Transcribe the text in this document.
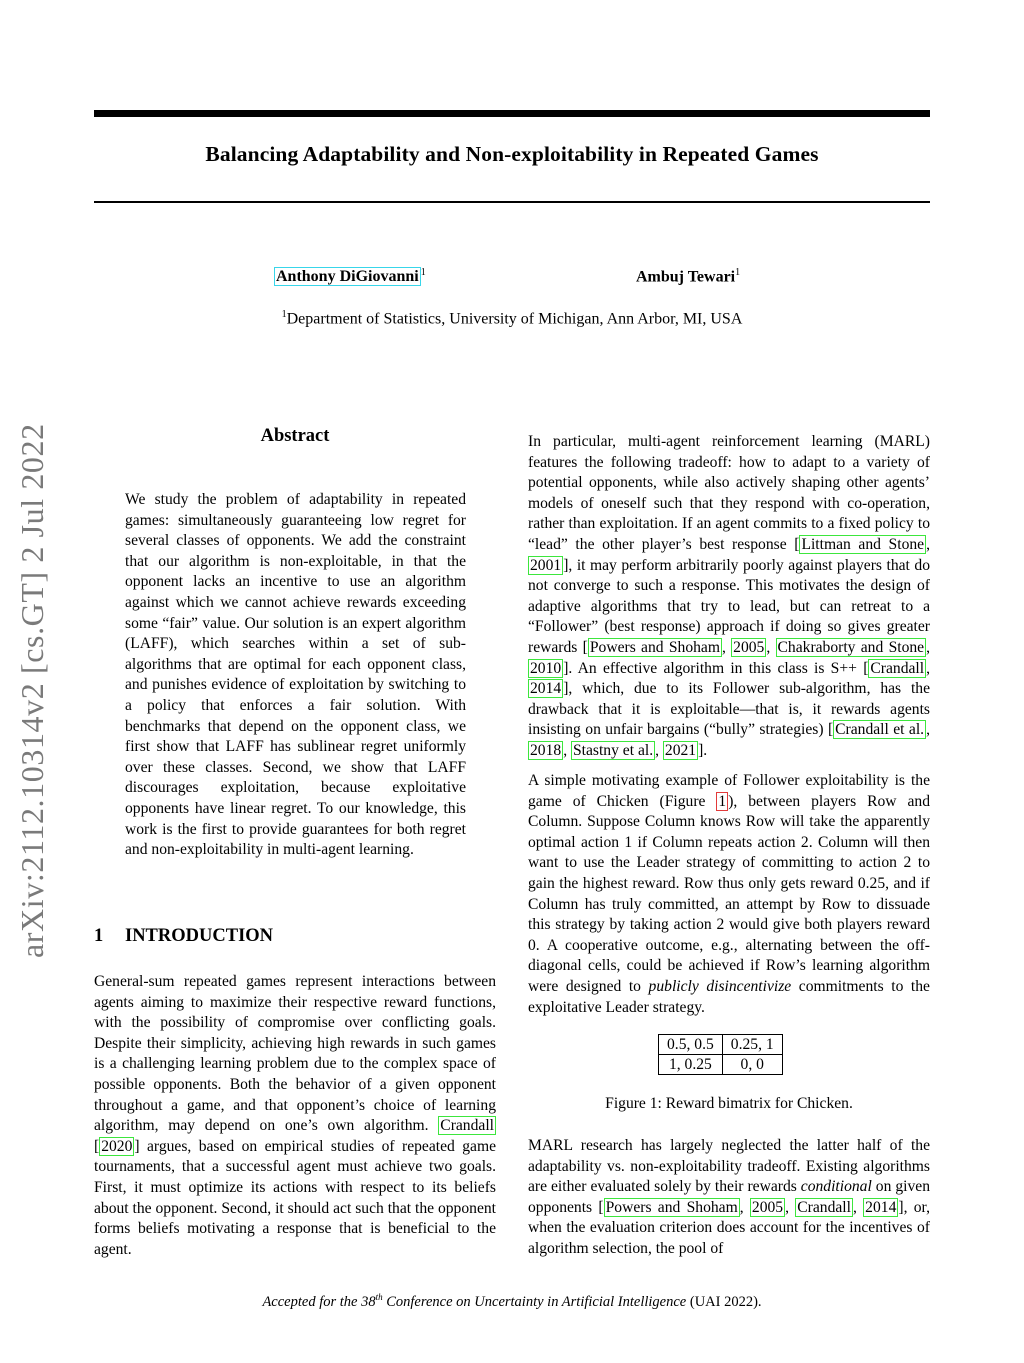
Balancing Adaptability and Non-exploitability in Repeated Games
Anthony DiGiovanni $^1$	Ambuj Tewari$^1$
$^1$Department of Statistics, University of Michigan, Ann Arbor, MI, USA
arXiv:2112.10314v2 [cs.GT] 2 Jul 2022	Abstract

We study the problem of adaptability in repeated games: simultaneously guaranteeing low regret for several classes of opponents. We add the constraint that our algorithm is non-exploitable, in that the opponent lacks an incentive to use an algorithm against which we cannot achieve rewards exceeding some “fair” value. Our solution is an expert algorithm (LAFF), which searches within a set of sub-algorithms that are optimal for each opponent class, and punishes evidence of exploitation by switching to a policy that enforces a fair solution. With benchmarks that depend on the opponent class, we first show that LAFF has sublinear regret uniformly over these classes. Second, we show that LAFF discourages exploitation, because exploitative opponents have linear regret. To our knowledge, this work is the first to provide guarantees for both regret and non-exploitability in multi-agent learning.

1 INTRODUCTION

General-sum repeated games represent interactions between agents aiming to maximize their respective reward functions, with the possibility of compromise over conflicting goals. Despite their simplicity, achieving high rewards in such games is a challenging learning problem due to the complex space of possible opponents. Both the behavior of a given opponent throughout a game, and that opponent’s choice of learning algorithm, may depend on one’s own algorithm. Crandall [ 2020 ] argues, based on empirical studies of repeated game tournaments, that a successful agent must achieve two goals. First, it must optimize its actions with respect to its beliefs about the opponent. Second, it should act such that the opponent forms beliefs motivating a response that is beneficial to the agent.

In particular, multi-agent reinforcement learning (MARL) features the following tradeoff: how to adapt to a variety of potential opponents, while also actively shaping other agents’ models of oneself such that they respond with co-operation, rather than exploitation. If an agent commits to a fixed policy to “lead” the other player’s best response [ Littman and Stone , 2001 ], it may perform arbitrarily poorly against players that do not converge to such a response. This motivates the design of adaptive algorithms that try to lead, but can retreat to a “Follower” (best response) approach if doing so gives greater rewards [ Powers and Shoham , 2005 , Chakraborty and Stone , 2010 ]. An effective algorithm in this class is S++ [ Crandall , 2014 ], which, due to its Follower sub-algorithm, has the drawback that it is exploitable—that is, it rewards agents insisting on unfair bargains (“bully” strategies) [ Crandall et al. , 2018 , Stastny et al. , 2021 ].

A simple motivating example of Follower exploitability is the game of Chicken (Figure 1 ), between players Row and Column. Suppose Column knows Row will take the apparently optimal action 1 if Column repeats action 2. Column will then want to use the Leader strategy of committing to action 2 to gain the highest reward. Row thus only gets reward 0.25, and if Column has truly committed, an attempt by Row to dissuade this strategy by taking action 2 would give both players reward 0. A cooperative outcome, e.g., alternating between the off-diagonal cells, could be achieved if Row’s learning algorithm were designed to publicly disincentivize commitments to the exploitative Leader strategy.

0.5, 0.5	0.25, 1
1, 0.25	0, 0
Figure 1: Reward bimatrix for Chicken.

MARL research has largely neglected the latter half of the adaptability vs. non-exploitability tradeoff. Existing algorithms are either evaluated solely by their rewards conditional on given opponents [ Powers and Shoham , 2005 , Crandall , 2014 ], or, when the evaluation criterion does account for the incentives of algorithm selection, the pool of

Accepted for the 38th Conference on Uncertainty in Artificial Intelligence (UAI 2022).
